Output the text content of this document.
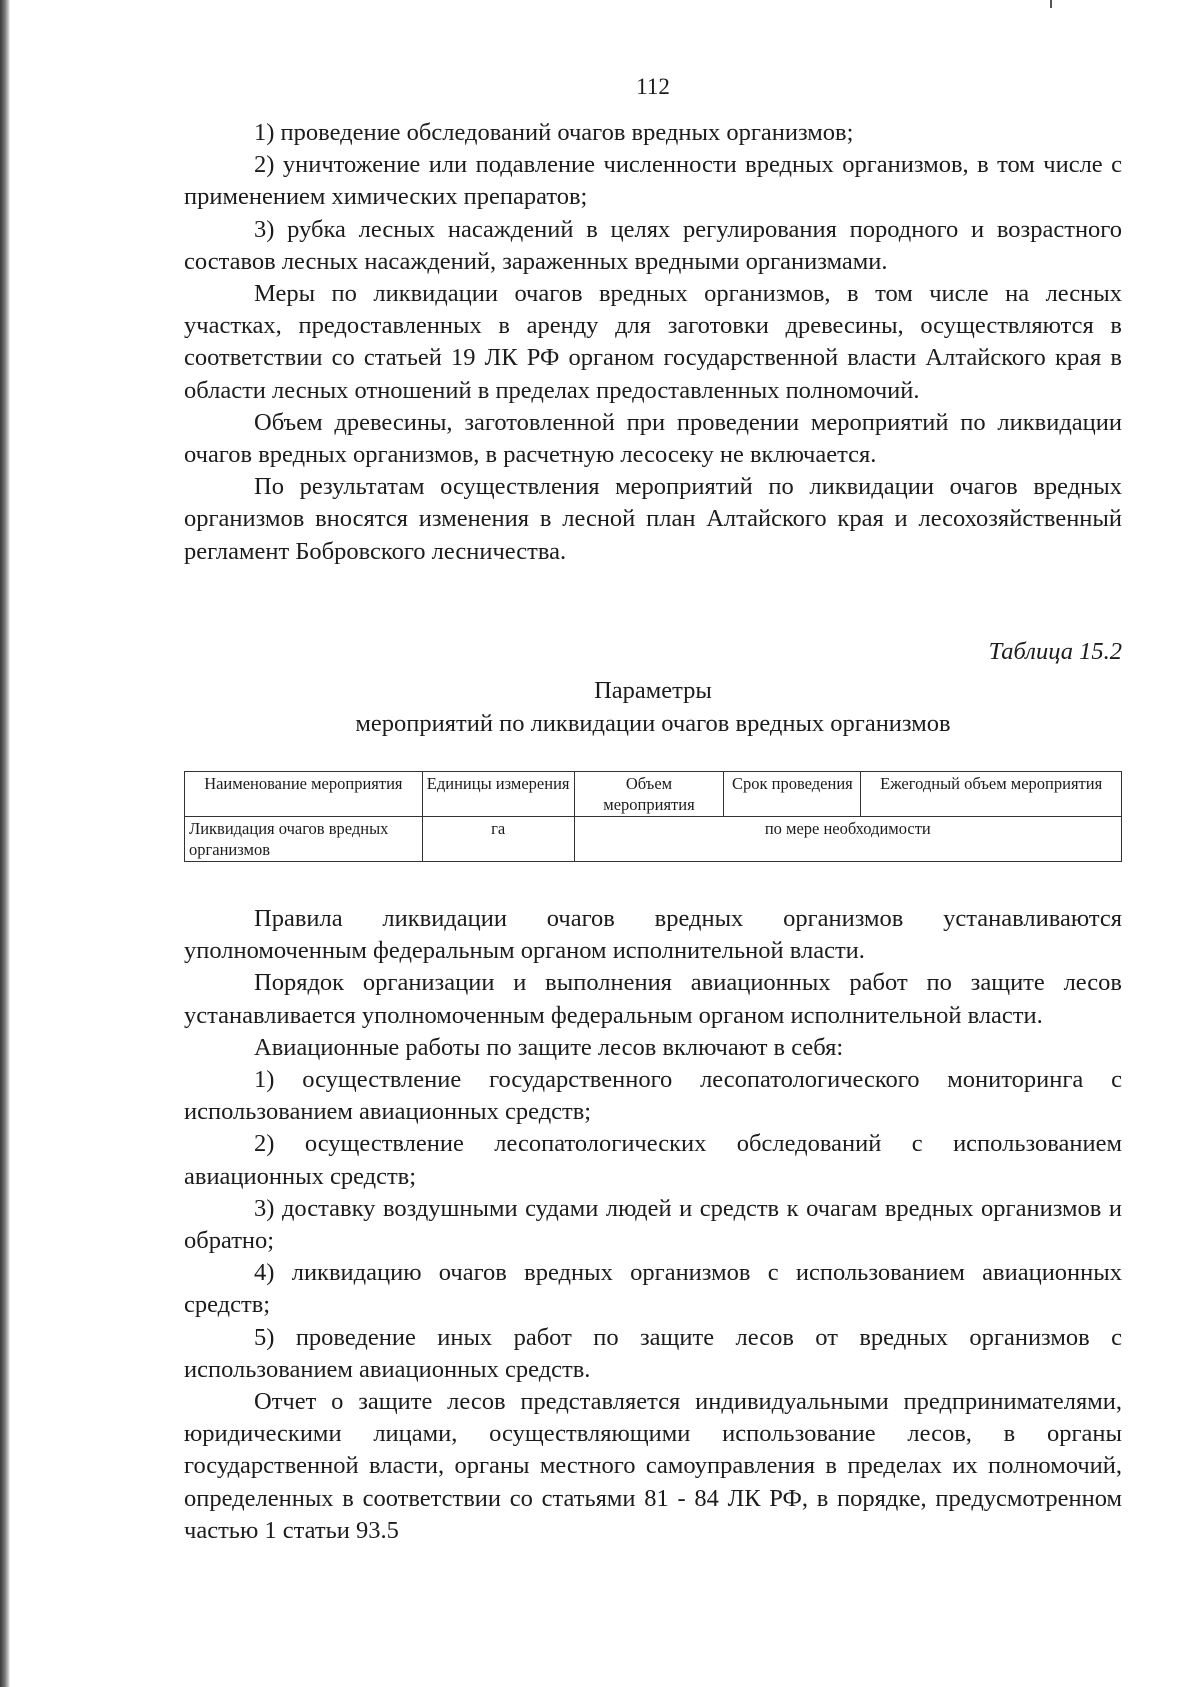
112

1) проведение обследований очагов вредных организмов;

2) уничтожение или подавление численности вредных организмов, в том числе с применением химических препаратов;

3) рубка лесных насаждений в целях регулирования породного и возрастного составов лесных насаждений, зараженных вредными организмами.

Меры по ликвидации очагов вредных организмов, в том числе на лесных участках, предоставленных в аренду для заготовки древесины, осуществляются в соответствии со статьей 19 ЛК РФ органом государственной власти Алтайского края в области лесных отношений в пределах предоставленных полномочий.

Объем древесины, заготовленной при проведении мероприятий по ликвидации очагов вредных организмов, в расчетную лесосеку не включается.

По результатам осуществления мероприятий по ликвидации очагов вредных организмов вносятся изменения в лесной план Алтайского края и лесохозяйственный регламент Бобровского лесничества.

Таблица 15.2
Параметры
мероприятий по ликвидации очагов вредных организмов
Наименование мероприятия	Единицы измерения	Объем мероприятия	Срок проведения	Ежегодный объем мероприятия
Ликвидация очагов вредных организмов	га	по мере необходимости		

Правила ликвидации очагов вредных организмов устанавливаются уполномоченным федеральным органом исполнительной власти.

Порядок организации и выполнения авиационных работ по защите лесов устанавливается уполномоченным федеральным органом исполнительной власти.

Авиационные работы по защите лесов включают в себя:

1) осуществление государственного лесопатологического мониторинга с использованием авиационных средств;

2) осуществление лесопатологических обследований с использованием авиационных средств;

3) доставку воздушными судами людей и средств к очагам вредных организмов и обратно;

4) ликвидацию очагов вредных организмов с использованием авиационных средств;

5) проведение иных работ по защите лесов от вредных организмов с использованием авиационных средств.

Отчет о защите лесов представляется индивидуальными предпринимателями, юридическими лицами, осуществляющими использование лесов, в органы государственной власти, органы местного самоуправления в пределах их полномочий, определенных в соответствии со статьями 81 - 84 ЛК РФ, в порядке, предусмотренном частью 1 статьи 93.5
